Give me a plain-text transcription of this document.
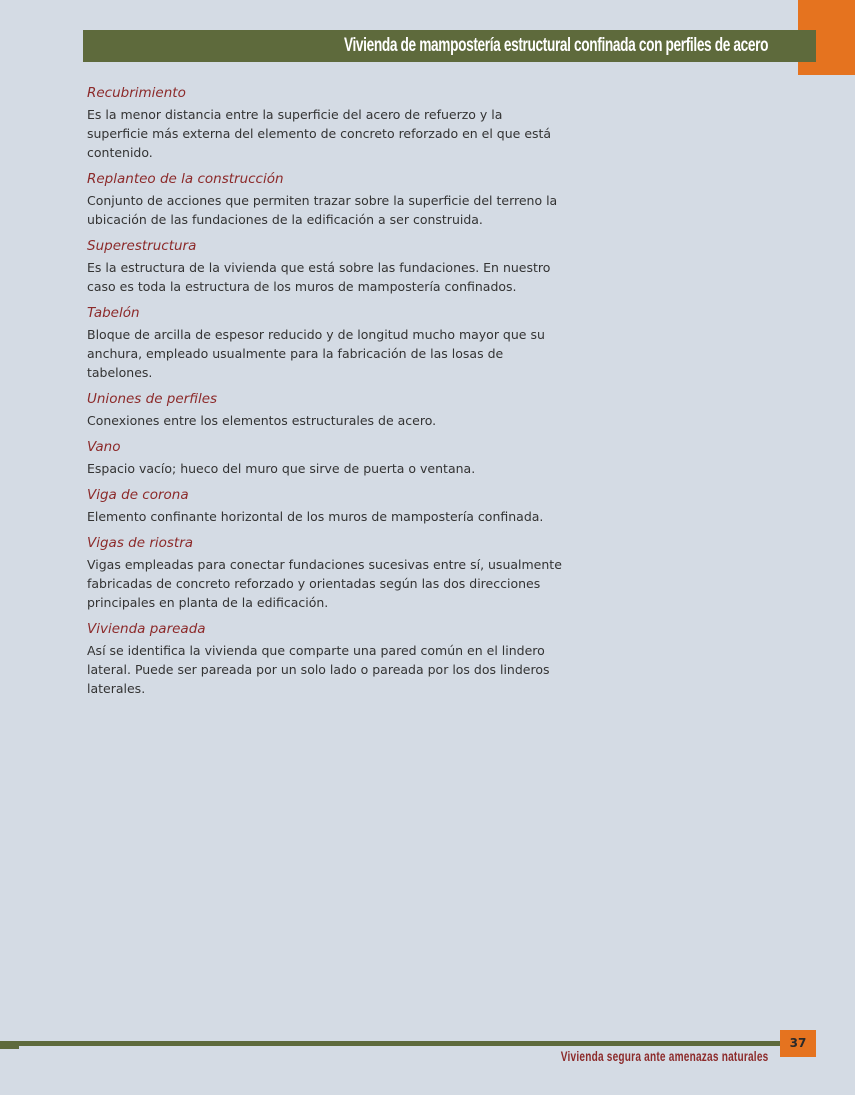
Vivienda de mampostería estructural confinada con perfiles de acero

Recubrimiento

Es la menor distancia entre la superficie del acero de refuerzo y la superficie más externa del elemento de concreto reforzado en el que está contenido.

Replanteo de la construcción

Conjunto de acciones que permiten trazar sobre la superficie del terreno la ubicación de las fundaciones de la edificación a ser construida.

Superestructura

Es la estructura de la vivienda que está sobre las fundaciones. En nuestro caso es toda la estructura de los muros de mampostería confinados.

Tabelón

Bloque de arcilla de espesor reducido y de longitud mucho mayor que su anchura, empleado usualmente para la fabricación de las losas de tabelones.

Uniones de perfiles

Conexiones entre los elementos estructurales de acero.

Vano

Espacio vacío; hueco del muro que sirve de puerta o ventana.

Viga de corona

Elemento confinante horizontal de los muros de mampostería confinada.

Vigas de riostra

Vigas empleadas para conectar fundaciones sucesivas entre sí, usualmente fabricadas de concreto reforzado y orientadas según las dos direcciones principales en planta de la edificación.

Vivienda pareada

Así se identifica la vivienda que comparte una pared común en el lindero lateral. Puede ser pareada por un solo lado o pareada por los dos linderos laterales.

37
Vivienda segura ante amenazas naturales
